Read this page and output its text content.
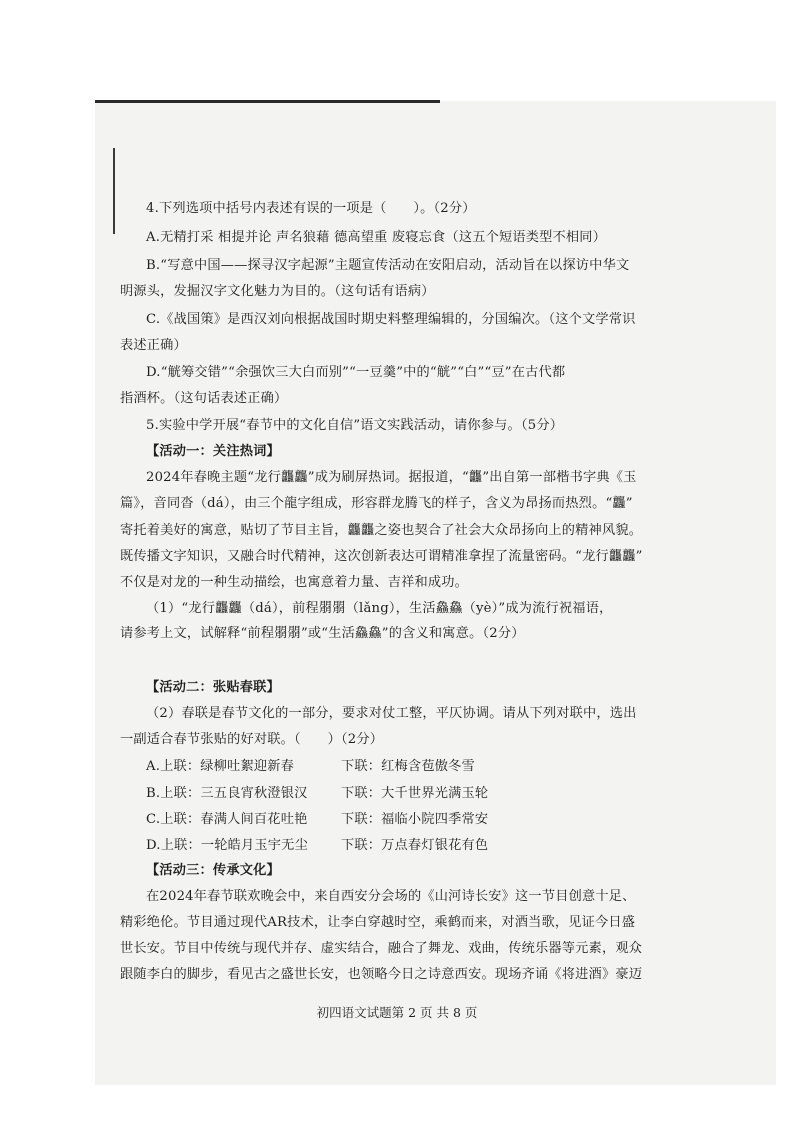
4.下列选项中括号内表述有误的一项是（　　）。（2分）
A.无精打采 相提并论 声名狼藉 德高望重 废寝忘食（这五个短语类型不相同）
B.“写意中国——探寻汉字起源”主题宣传活动在安阳启动，活动旨在以探访中华文
明源头，发掘汉字文化魅力为目的。（这句话有语病）
C.《战国策》是西汉刘向根据战国时期史料整理编辑的，分国编次。（这个文学常识
表述正确）
D.“觥筹交错”“余强饮三大白而别”“一豆羹”中的“觥”“白”“豆”在古代都
指酒杯。（这句话表述正确）
5.实验中学开展“春节中的文化自信”语文实践活动，请你参与。（5分）
【活动一：关注热词】
2024年春晚主题“龙行龘龘”成为刷屏热词。据报道，“龘”出自第一部楷书字典《玉
篇》，音同沓（dá），由三个龍字组成，形容群龙腾飞的样子，含义为昂扬而热烈。“龘”
寄托着美好的寓意，贴切了节目主旨，龘龘之姿也契合了社会大众昂扬向上的精神风貌。
既传播文字知识，又融合时代精神，这次创新表达可谓精准拿捏了流量密码。“龙行龘龘”
不仅是对龙的一种生动描绘，也寓意着力量、吉祥和成功。
（1）“龙行龘龘（dá），前程朤朤（lǎng），生活鱻鱻（yè）”成为流行祝福语，
请参考上文，试解释“前程朤朤”或“生活鱻鱻”的含义和寓意。（2分）
【活动二：张贴春联】
（2）春联是春节文化的一部分，要求对仗工整，平仄协调。请从下列对联中，选出
一副适合春节张贴的好对联。（　　）（2分）
A.上联：绿柳吐絮迎新春	下联：红梅含苞傲冬雪
B.上联：三五良宵秋澄银汉	下联：大千世界光满玉轮
C.上联：春满人间百花吐艳	下联：福临小院四季常安
D.上联：一轮皓月玉宇无尘	下联：万点春灯银花有色
【活动三：传承文化】
在2024年春节联欢晚会中，来自西安分会场的《山河诗长安》这一节目创意十足、
精彩绝伦。节目通过现代AR技术，让李白穿越时空，乘鹤而来，对酒当歌，见证今日盛
世长安。节目中传统与现代并存、虚实结合，融合了舞龙、戏曲，传统乐器等元素，观众
跟随李白的脚步，看见古之盛世长安，也领略今日之诗意西安。现场齐诵《将进酒》豪迈
初四语文试题第 2 页 共 8 页
